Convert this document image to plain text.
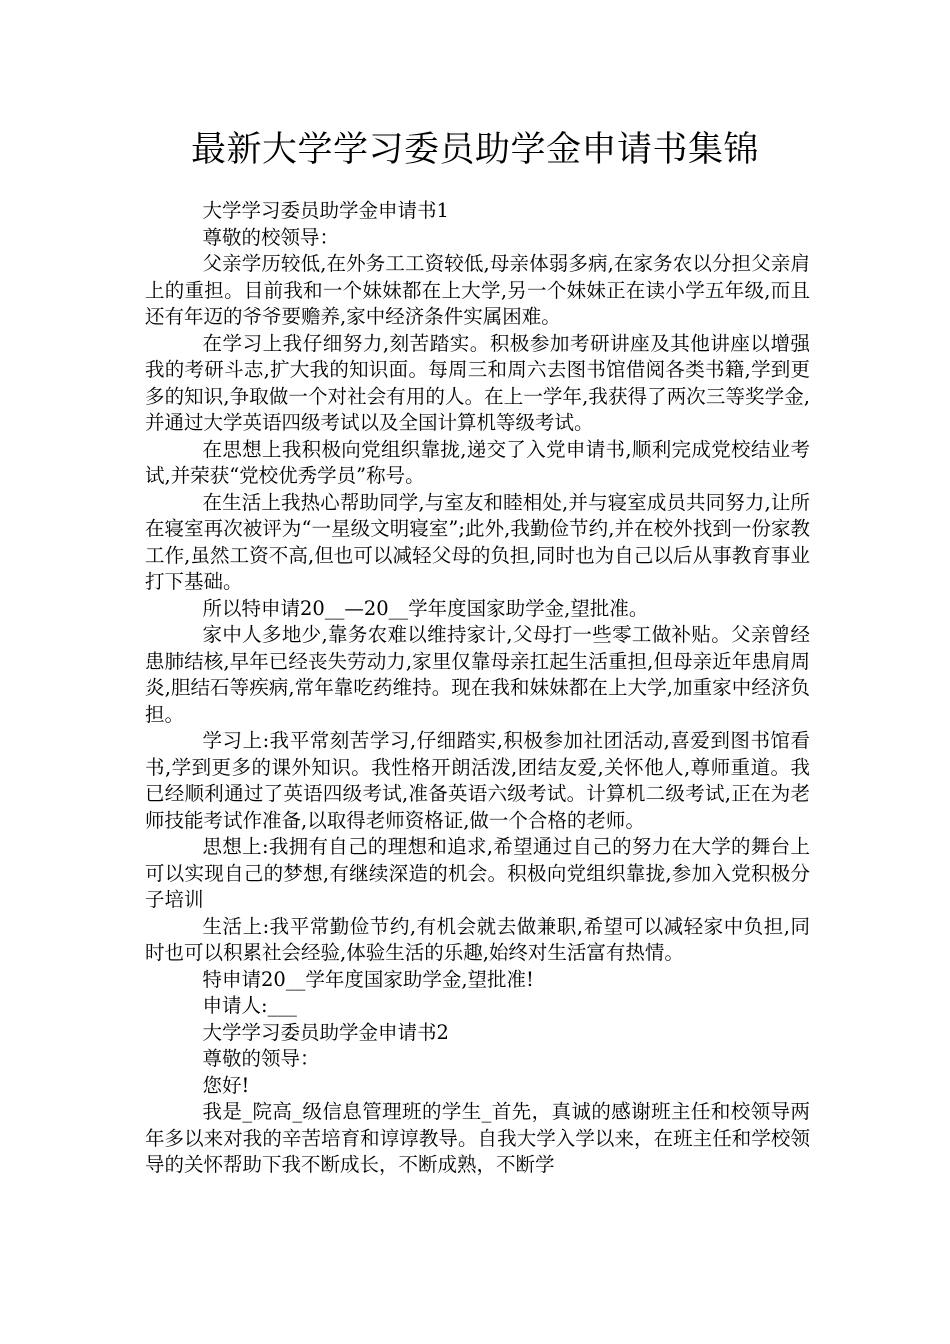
最新大学学习委员助学金申请书集锦

大学学习委员助学金申请书1

尊敬的校领导：

父亲学历较低,在外务工工资较低,母亲体弱多病,在家务农以分担父亲肩上的重担。目前我和一个妹妹都在上大学,另一个妹妹正在读小学五年级,而且还有年迈的爷爷要赡养,家中经济条件实属困难。

在学习上我仔细努力,刻苦踏实。积极参加考研讲座及其他讲座以增强我的考研斗志,扩大我的知识面。每周三和周六去图书馆借阅各类书籍,学到更多的知识,争取做一个对社会有用的人。在上一学年,我获得了两次三等奖学金,并通过大学英语四级考试以及全国计算机等级考试。

在思想上我积极向党组织靠拢,递交了入党申请书,顺利完成党校结业考试,并荣获“党校优秀学员”称号。

在生活上我热心帮助同学,与室友和睦相处,并与寝室成员共同努力,让所在寝室再次被评为“一星级文明寝室”;此外,我勤俭节约,并在校外找到一份家教工作,虽然工资不高,但也可以减轻父母的负担,同时也为自己以后从事教育事业打下基础。

所以特申请20__—20__学年度国家助学金,望批准。

家中人多地少,靠务农难以维持家计,父母打一些零工做补贴。父亲曾经患肺结核,早年已经丧失劳动力,家里仅靠母亲扛起生活重担,但母亲近年患肩周炎,胆结石等疾病,常年靠吃药维持。现在我和妹妹都在上大学,加重家中经济负担。

学习上:我平常刻苦学习,仔细踏实,积极参加社团活动,喜爱到图书馆看书,学到更多的课外知识。我性格开朗活泼,团结友爱,关怀他人,尊师重道。我已经顺利通过了英语四级考试,准备英语六级考试。计算机二级考试,正在为老师技能考试作准备,以取得老师资格证,做一个合格的老师。

思想上:我拥有自己的理想和追求,希望通过自己的努力在大学的舞台上可以实现自己的梦想,有继续深造的机会。积极向党组织靠拢,参加入党积极分子培训

生活上:我平常勤俭节约,有机会就去做兼职,希望可以减轻家中负担,同时也可以积累社会经验,体验生活的乐趣,始终对生活富有热情。

特申请20__学年度国家助学金,望批准!

申请人:___

大学学习委员助学金申请书2

尊敬的领导：

您好!

我是_院高_级信息管理班的学生_首先，真诚的感谢班主任和校领导两年多以来对我的辛苦培育和谆谆教导。自我大学入学以来，在班主任和学校领导的关怀帮助下我不断成长，不断成熟，不断学
